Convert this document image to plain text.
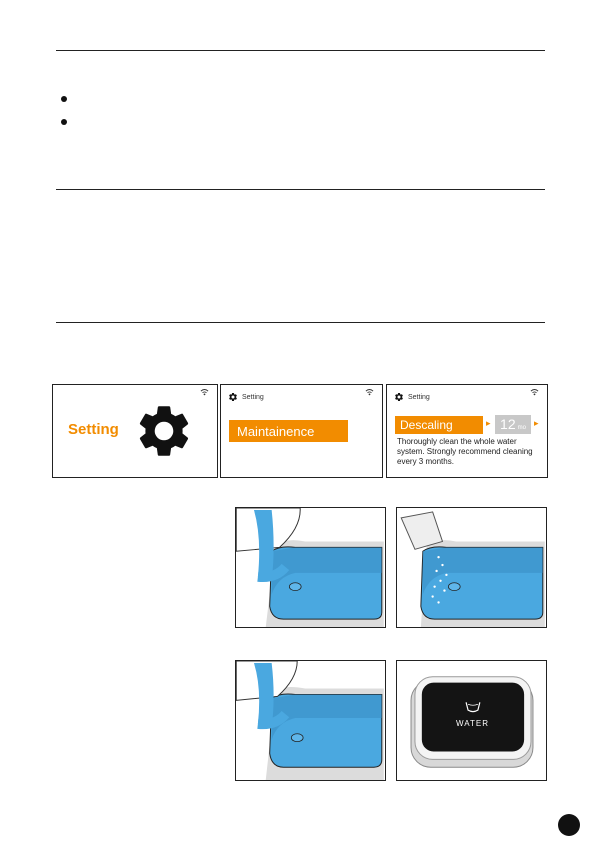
Setting
Setting
Maintainence
Setting
Descaling	▸ 12 mo ▸
Thoroughly clean the whole water system. Strongly recommend cleaning every 3 months.
WATER
